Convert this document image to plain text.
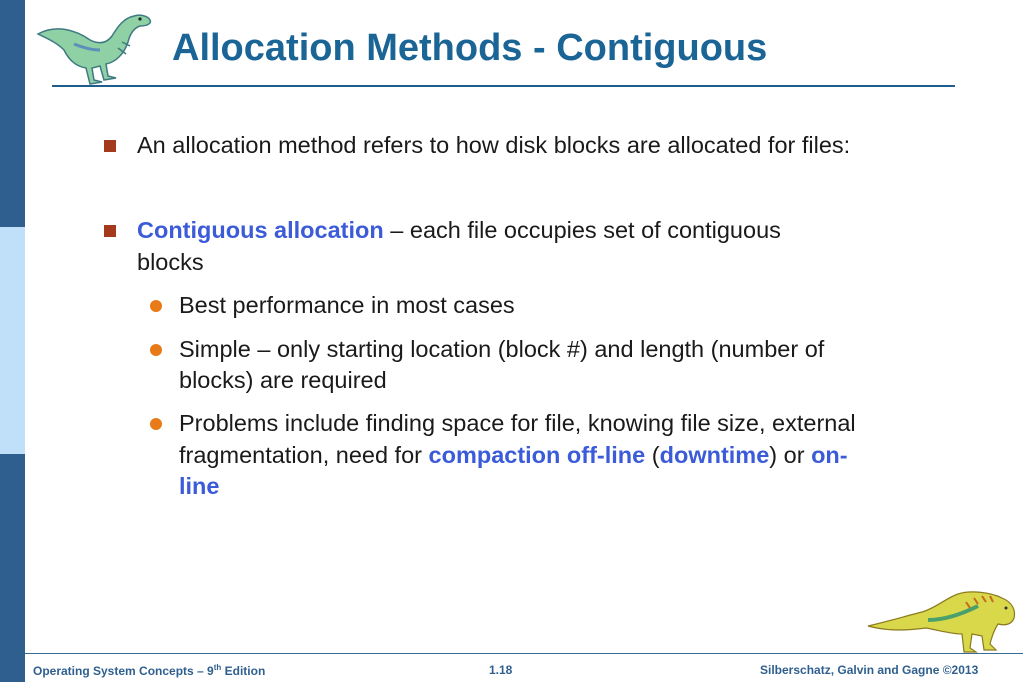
Allocation Methods - Contiguous
An allocation method refers to how disk blocks are allocated for files:
Contiguous allocation – each file occupies set of contiguous
blocks
Best performance in most cases
Simple – only starting location (block #) and length (number of
blocks) are required
Problems include finding space for file, knowing file size, external
fragmentation, need for compaction off-line (downtime) or on-
line
Operating System Concepts – 9th Edition	1.18	Silberschatz, Galvin and Gagne ©2013
